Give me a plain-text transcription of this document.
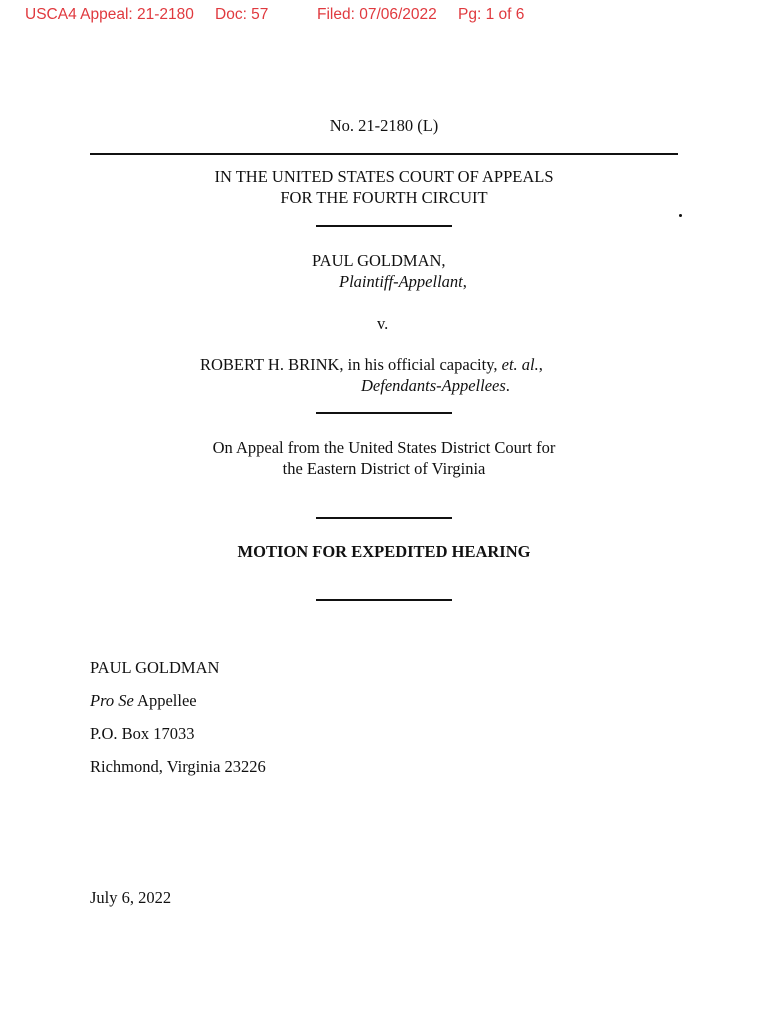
USCA4 Appeal: 21-2180 Doc: 57	Filed: 07/06/2022 Pg: 1 of 6
No. 21-2180 (L)
IN THE UNITED STATES COURT OF APPEALS
FOR THE FOURTH CIRCUIT
PAUL GOLDMAN,
Plaintiff-Appellant,
v.
ROBERT H. BRINK, in his official capacity, et. al.,
Defendants-Appellees.
On Appeal from the United States District Court for
the Eastern District of Virginia
MOTION FOR EXPEDITED HEARING
PAUL GOLDMAN
Pro Se Appellee
P.O. Box 17033
Richmond, Virginia 23226
July 6, 2022
